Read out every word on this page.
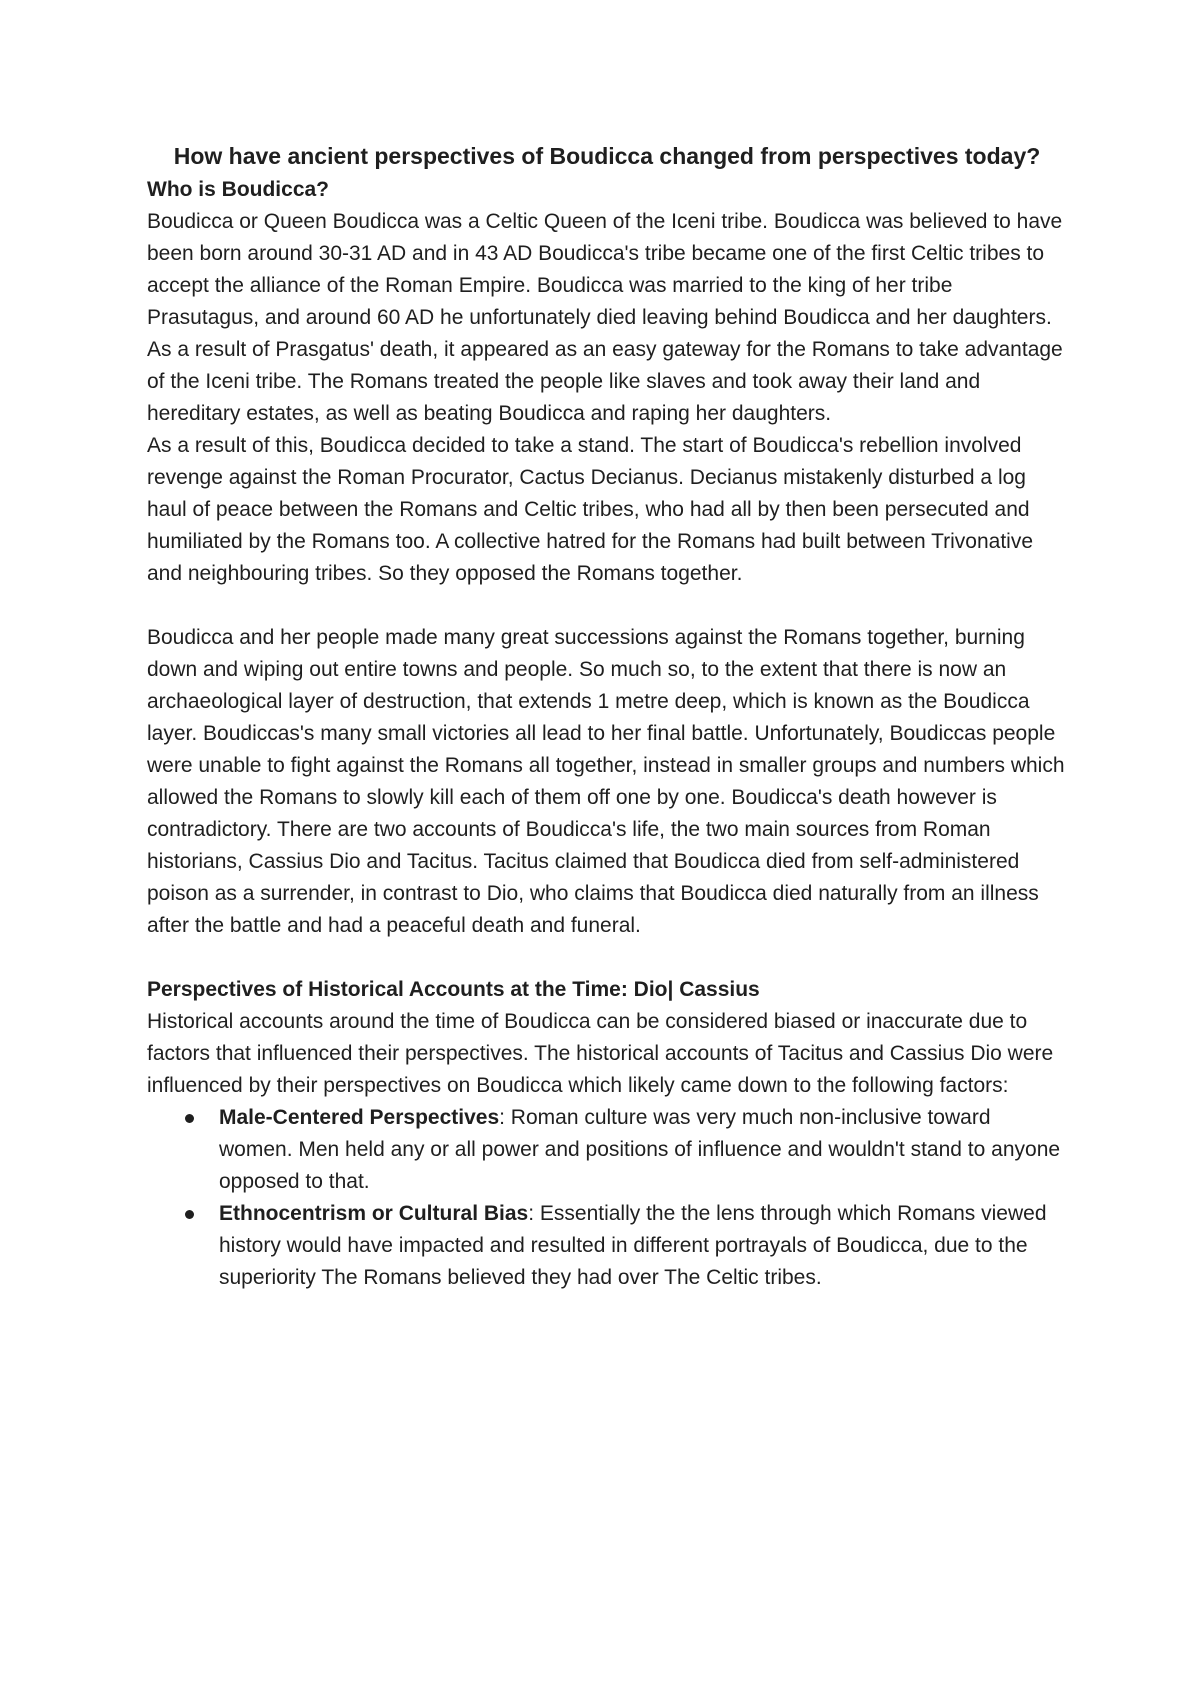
How have ancient perspectives of Boudicca changed from perspectives today?
Who is Boudicca?

Boudicca or Queen Boudicca was a Celtic Queen of the Iceni tribe. Boudicca was believed to have been born around 30-31 AD and in 43 AD Boudicca's tribe became one of the first Celtic tribes to accept the alliance of the Roman Empire. Boudicca was married to the king of her tribe Prasutagus, and around 60 AD he unfortunately died leaving behind Boudicca and her daughters. As a result of Prasgatus' death, it appeared as an easy gateway for the Romans to take advantage of the Iceni tribe. The Romans treated the people like slaves and took away their land and hereditary estates, as well as beating Boudicca and raping her daughters.

As a result of this, Boudicca decided to take a stand. The start of Boudicca's rebellion involved revenge against the Roman Procurator, Cactus Decianus. Decianus mistakenly disturbed a log haul of peace between the Romans and Celtic tribes, who had all by then been persecuted and humiliated by the Romans too. A collective hatred for the Romans had built between Trivonative and neighbouring tribes. So they opposed the Romans together.

Boudicca and her people made many great successions against the Romans together, burning down and wiping out entire towns and people. So much so, to the extent that there is now an archaeological layer of destruction, that extends 1 metre deep, which is known as the Boudicca layer. Boudiccas's many small victories all lead to her final battle. Unfortunately, Boudiccas people were unable to fight against the Romans all together, instead in smaller groups and numbers which allowed the Romans to slowly kill each of them off one by one. Boudicca's death however is contradictory. There are two accounts of Boudicca's life, the two main sources from Roman historians, Cassius Dio and Tacitus. Tacitus claimed that Boudicca died from self-administered poison as a surrender, in contrast to Dio, who claims that Boudicca died naturally from an illness after the battle and had a peaceful death and funeral.

Perspectives of Historical Accounts at the Time: Dio| Cassius

Historical accounts around the time of Boudicca can be considered biased or inaccurate due to factors that influenced their perspectives. The historical accounts of Tacitus and Cassius Dio were influenced by their perspectives on Boudicca which likely came down to the following factors:

Male-Centered Perspectives: Roman culture was very much non-inclusive toward women. Men held any or all power and positions of influence and wouldn't stand to anyone opposed to that.
Ethnocentrism or Cultural Bias: Essentially the the lens through which Romans viewed history would have impacted and resulted in different portrayals of Boudicca, due to the superiority The Romans believed they had over The Celtic tribes.
